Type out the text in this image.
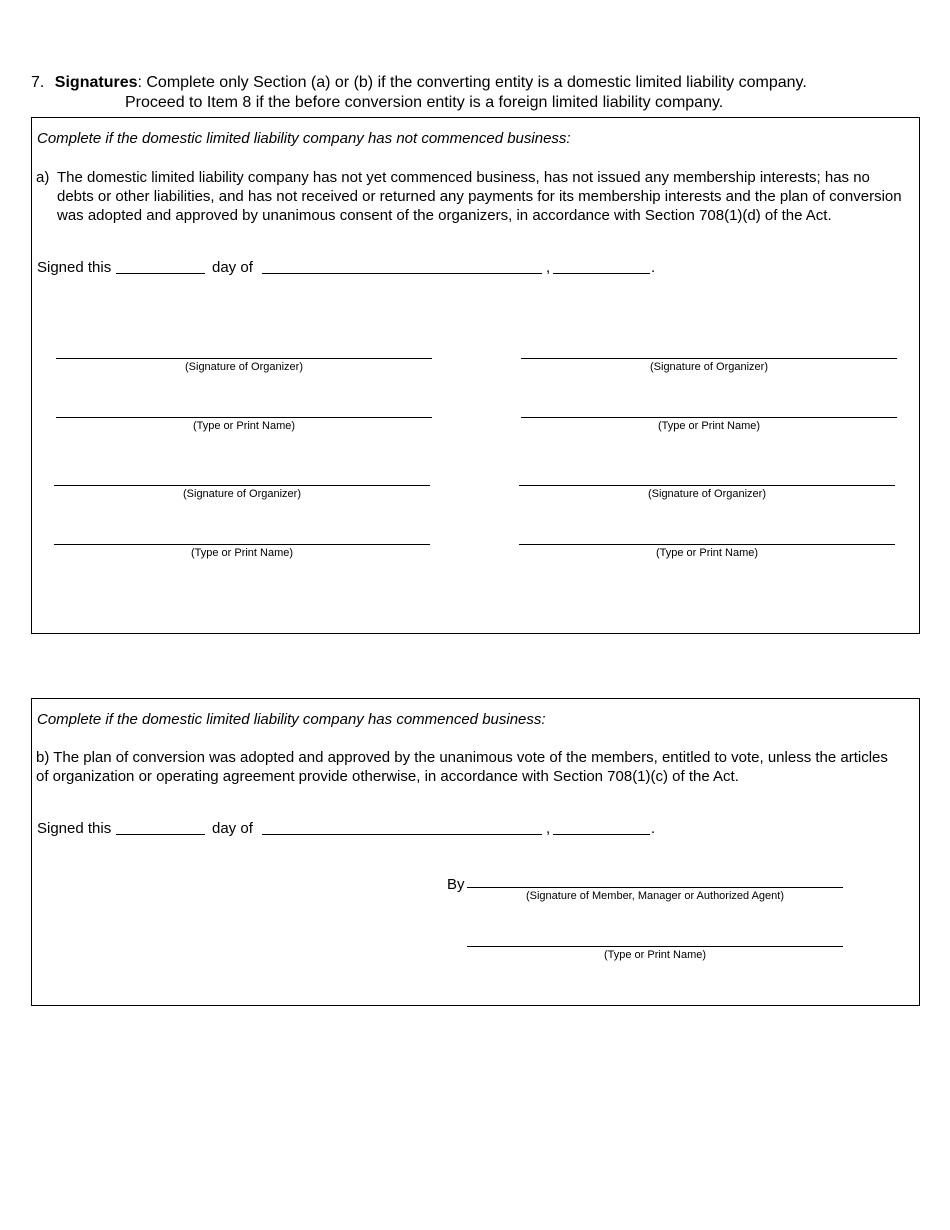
7. Signatures: Complete only Section (a) or (b) if the converting entity is a domestic limited liability company.
Proceed to Item 8 if the before conversion entity is a foreign limited liability company.
Complete if the domestic limited liability company has not commenced business:
a) The domestic limited liability company has not yet commenced business, has not issued any membership interests; has no debts or other liabilities, and has not received or returned any payments for its membership interests and the plan of conversion was adopted and approved by unanimous consent of the organizers, in accordance with Section 708(1)(d) of the Act.
Signed this	day of	,	.
(Signature of Organizer)	(Signature of Organizer)
(Type or Print Name)	(Type or Print Name)
(Signature of Organizer)	(Signature of Organizer)
(Type or Print Name)	(Type or Print Name)
Complete if the domestic limited liability company has commenced business:
b) The plan of conversion was adopted and approved by the unanimous vote of the members, entitled to vote, unless the articles of organization or operating agreement provide otherwise, in accordance with Section 708(1)(c) of the Act.
Signed this	day of	,	.
By
(Signature of Member, Manager or Authorized Agent)
(Type or Print Name)
